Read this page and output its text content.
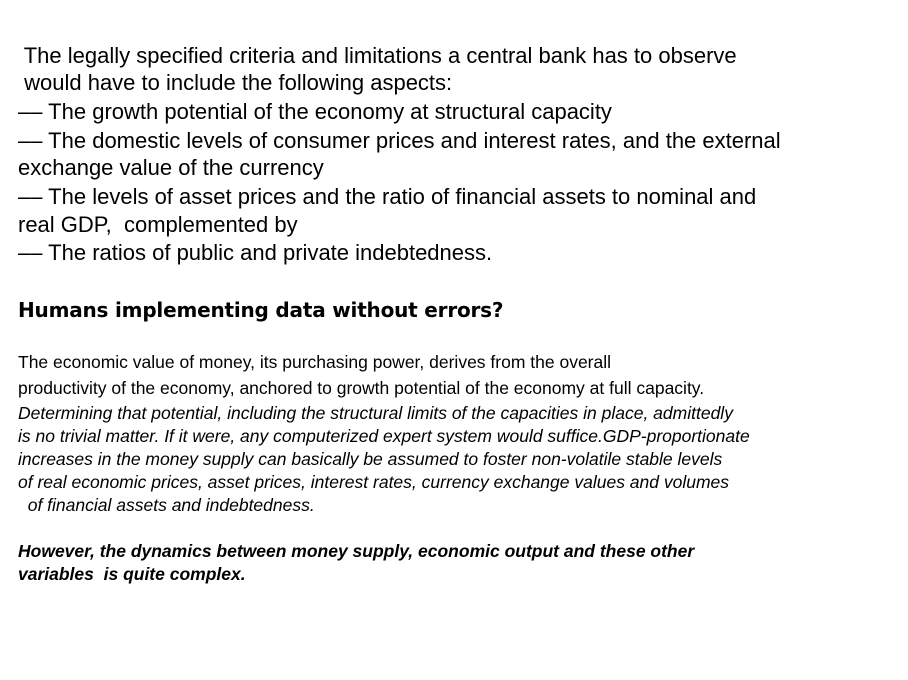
The legally specified criteria and limitations a central bank has to observe

would have to include the following aspects:

–– The growth potential of the economy at structural capacity

–– The domestic levels of consumer prices and interest rates, and the external

exchange value of the currency

–– The levels of asset prices and the ratio of financial assets to nominal and

real GDP,  complemented by

–– The ratios of public and private indebtedness.

Humans implementing data without errors?

The economic value of money, its purchasing power, derives from the overall

productivity of the economy, anchored to growth potential of the economy at full capacity.

Determining that potential, including the structural limits of the capacities in place, admittedly

is no trivial matter. If it were, any computerized expert system would suffice.GDP-proportionate

increases in the money supply can basically be assumed to foster non-volatile stable levels

of real economic prices, asset prices, interest rates, currency exchange values and volumes

of financial assets and indebtedness.

However, the dynamics between money supply, economic output and these other

variables  is quite complex.
